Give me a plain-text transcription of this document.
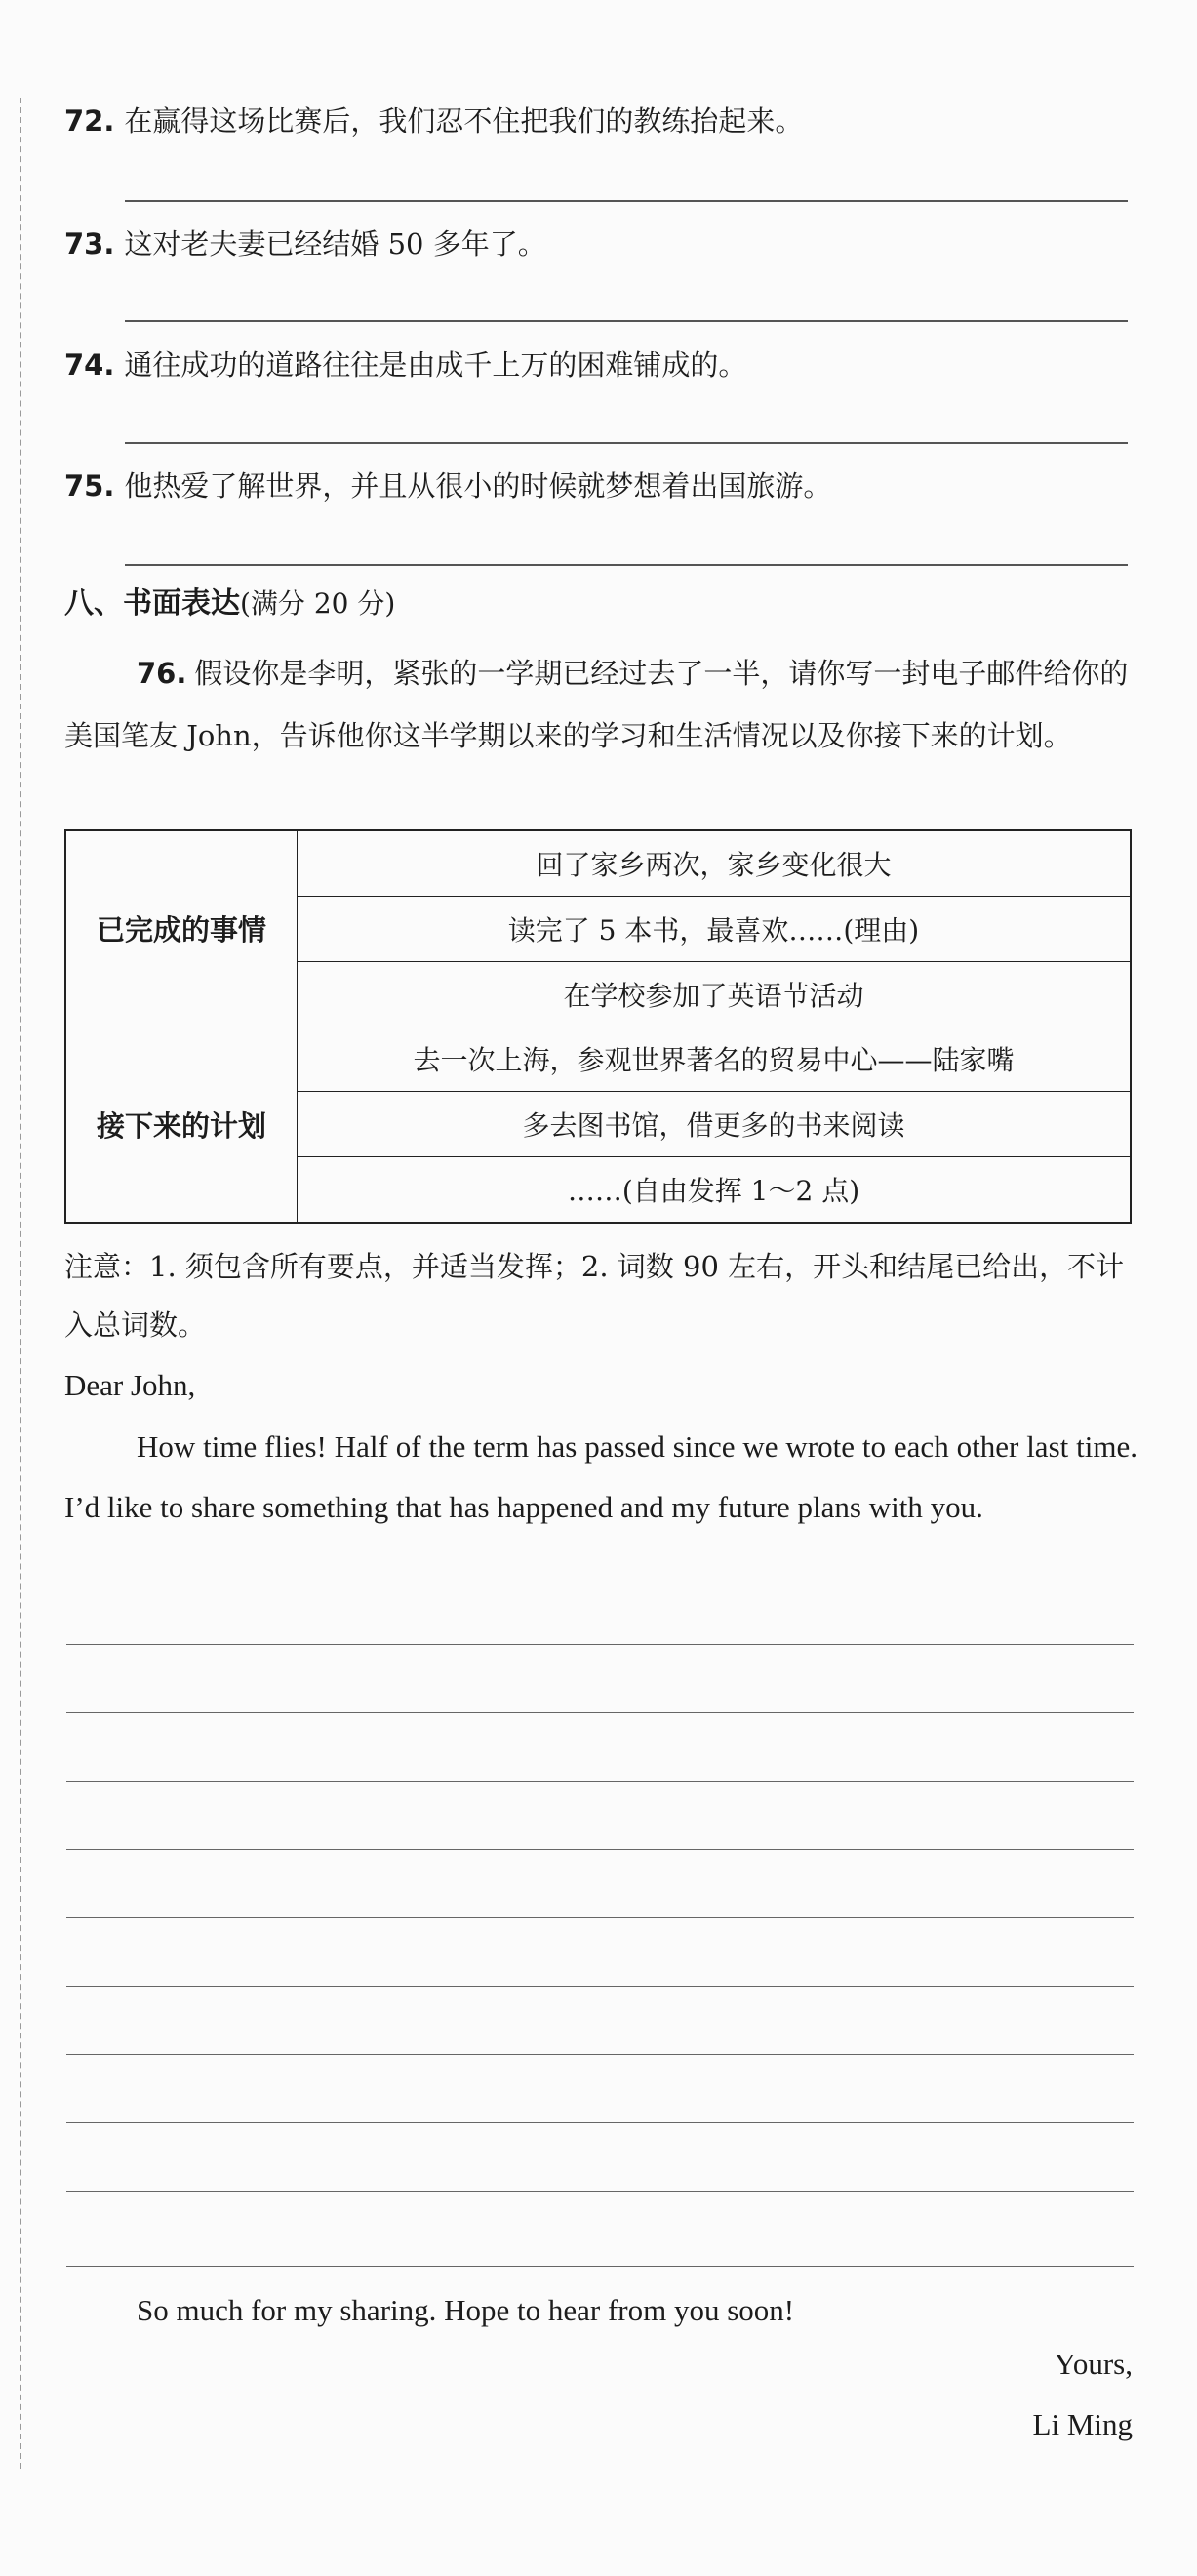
72. 在赢得这场比赛后，我们忍不住把我们的教练抬起来。
73. 这对老夫妻已经结婚 50 多年了。
74. 通往成功的道路往往是由成千上万的困难铺成的。
75. 他热爱了解世界，并且从很小的时候就梦想着出国旅游。
八、书面表达(满分 20 分)
76. 假设你是李明，紧张的一学期已经过去了一半，请你写一封电子邮件给你的美国笔友 John，告诉他你这半学期以来的学习和生活情况以及你接下来的计划。
已完成的事情	回了家乡两次，家乡变化很大
	读完了 5 本书，最喜欢……(理由)
	在学校参加了英语节活动
接下来的计划	去一次上海，参观世界著名的贸易中心——陆家嘴
	多去图书馆，借更多的书来阅读
	……(自由发挥 1～2 点)
注意：1. 须包含所有要点，并适当发挥；2. 词数 90 左右，开头和结尾已给出，不计入总词数。
Dear John,
How time flies! Half of the term has passed since we wrote to each other last time. I’d like to share something that has happened and my future plans with you.
So much for my sharing. Hope to hear from you soon!
Yours,
Li Ming
